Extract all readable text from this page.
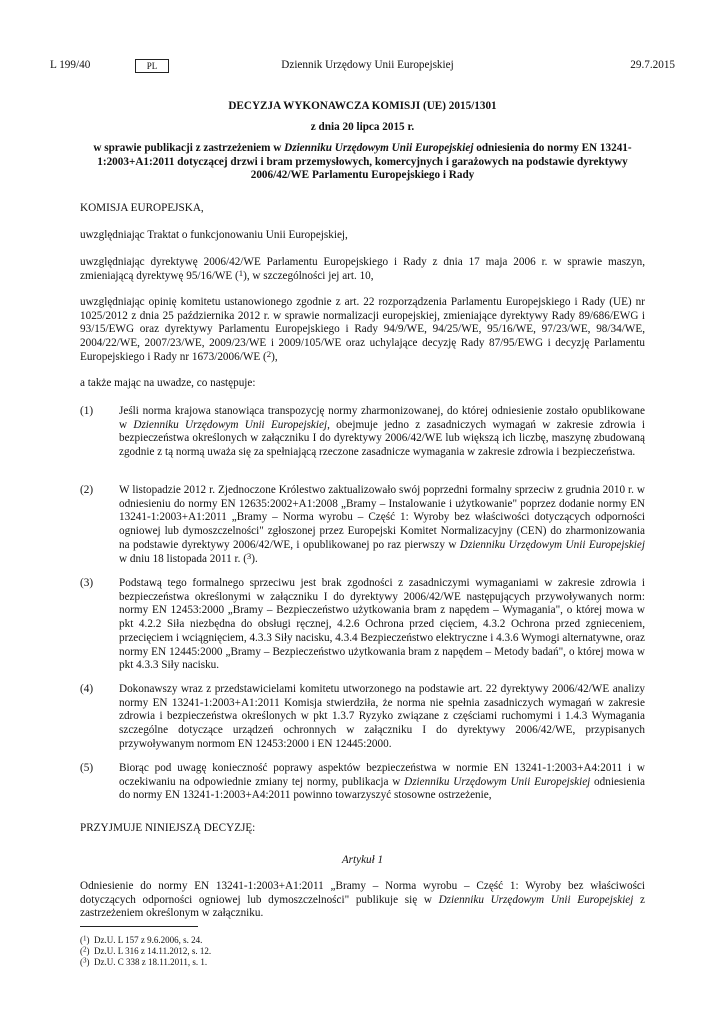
L 199/40	PL	Dziennik Urzędowy Unii Europejskiej	29.7.2015
DECYZJA WYKONAWCZA KOMISJI (UE) 2015/1301
z dnia 20 lipca 2015 r.
w sprawie publikacji z zastrzeżeniem w Dzienniku Urzędowym Unii Europejskiej odniesienia do normy EN 13241-1:2003+A1:2011 dotyczącej drzwi i bram przemysłowych, komercyjnych i garażowych na podstawie dyrektywy 2006/42/WE Parlamentu Europejskiego i Rady
KOMISJA EUROPEJSKA,
uwzględniając Traktat o funkcjonowaniu Unii Europejskiej,
uwzględniając dyrektywę 2006/42/WE Parlamentu Europejskiego i Rady z dnia 17 maja 2006 r. w sprawie maszyn, zmieniającą dyrektywę 95/16/WE ($^1$), w szczególności jej art. 10,
uwzględniając opinię komitetu ustanowionego zgodnie z art. 22 rozporządzenia Parlamentu Europejskiego i Rady (UE) nr 1025/2012 z dnia 25 października 2012 r. w sprawie normalizacji europejskiej, zmieniające dyrektywy Rady 89/686/EWG i 93/15/EWG oraz dyrektywy Parlamentu Europejskiego i Rady 94/9/WE, 94/25/WE, 95/16/WE, 97/23/WE, 98/34/WE, 2004/22/WE, 2007/23/WE, 2009/23/WE i 2009/105/WE oraz uchylające decyzję Rady 87/95/EWG i decyzję Parlamentu Europejskiego i Rady nr 1673/2006/WE ($^2$),
a także mając na uwadze, co następuje:
(1) Jeśli norma krajowa stanowiąca transpozycję normy zharmonizowanej, do której odniesienie zostało opublikowane w Dzienniku Urzędowym Unii Europejskiej, obejmuje jedno z zasadniczych wymagań w zakresie zdrowia i bezpieczeństwa określonych w załączniku I do dyrektywy 2006/42/WE lub większą ich liczbę, maszynę zbudowaną zgodnie z tą normą uważa się za spełniającą rzeczone zasadnicze wymagania w zakresie zdrowia i bezpieczeństwa.
(2) W listopadzie 2012 r. Zjednoczone Królestwo zaktualizowało swój poprzedni formalny sprzeciw z grudnia 2010 r. w odniesieniu do normy EN 12635:2002+A1:2008 „Bramy – Instalowanie i użytkowanie" poprzez dodanie normy EN 13241-1:2003+A1:2011 „Bramy – Norma wyrobu – Część 1: Wyroby bez właściwości dotyczących odporności ogniowej lub dymoszczelności" zgłoszonej przez Europejski Komitet Normalizacyjny (CEN) do zharmonizowania na podstawie dyrektywy 2006/42/WE, i opublikowanej po raz pierwszy w Dzienniku Urzędowym Unii Europejskiej w dniu 18 listopada 2011 r. ($^3$).
(3) Podstawą tego formalnego sprzeciwu jest brak zgodności z zasadniczymi wymaganiami w zakresie zdrowia i bezpieczeństwa określonymi w załączniku I do dyrektywy 2006/42/WE następujących przywoływanych norm: normy EN 12453:2000 „Bramy – Bezpieczeństwo użytkowania bram z napędem – Wymagania", o której mowa w pkt 4.2.2 Siła niezbędna do obsługi ręcznej, 4.2.6 Ochrona przed cięciem, 4.3.2 Ochrona przed zgnieceniem, przecięciem i wciągnięciem, 4.3.3 Siły nacisku, 4.3.4 Bezpieczeństwo elektryczne i 4.3.6 Wymogi alternatywne, oraz normy EN 12445:2000 „Bramy – Bezpieczeństwo użytkowania bram z napędem – Metody badań", o której mowa w pkt 4.3.3 Siły nacisku.
(4) Dokonawszy wraz z przedstawicielami komitetu utworzonego na podstawie art. 22 dyrektywy 2006/42/WE analizy normy EN 13241-1:2003+A1:2011 Komisja stwierdziła, że norma nie spełnia zasadniczych wymagań w zakresie zdrowia i bezpieczeństwa określonych w pkt 1.3.7 Ryzyko związane z częściami ruchomymi i 1.4.3 Wymagania szczególne dotyczące urządzeń ochronnych w załączniku I do dyrektywy 2006/42/WE, przypisanych przywoływanym normom EN 12453:2000 i EN 12445:2000.
(5) Biorąc pod uwagę konieczność poprawy aspektów bezpieczeństwa w normie EN 13241-1:2003+A4:2011 i w oczekiwaniu na odpowiednie zmiany tej normy, publikacja w Dzienniku Urzędowym Unii Europejskiej odniesienia do normy EN 13241-1:2003+A4:2011 powinno towarzyszyć stosowne ostrzeżenie,
PRZYJMUJE NINIEJSZĄ DECYZJĘ:
Artykuł 1
Odniesienie do normy EN 13241-1:2003+A1:2011 „Bramy – Norma wyrobu – Część 1: Wyroby bez właściwości dotyczących odporności ogniowej lub dymoszczelności" publikuje się w Dzienniku Urzędowym Unii Europejskiej z zastrzeżeniem określonym w załączniku.
($^1$)  Dz.U. L 157 z 9.6.2006, s. 24.
($^2$)  Dz.U. L 316 z 14.11.2012, s. 12.
($^3$)  Dz.U. C 338 z 18.11.2011, s. 1.
